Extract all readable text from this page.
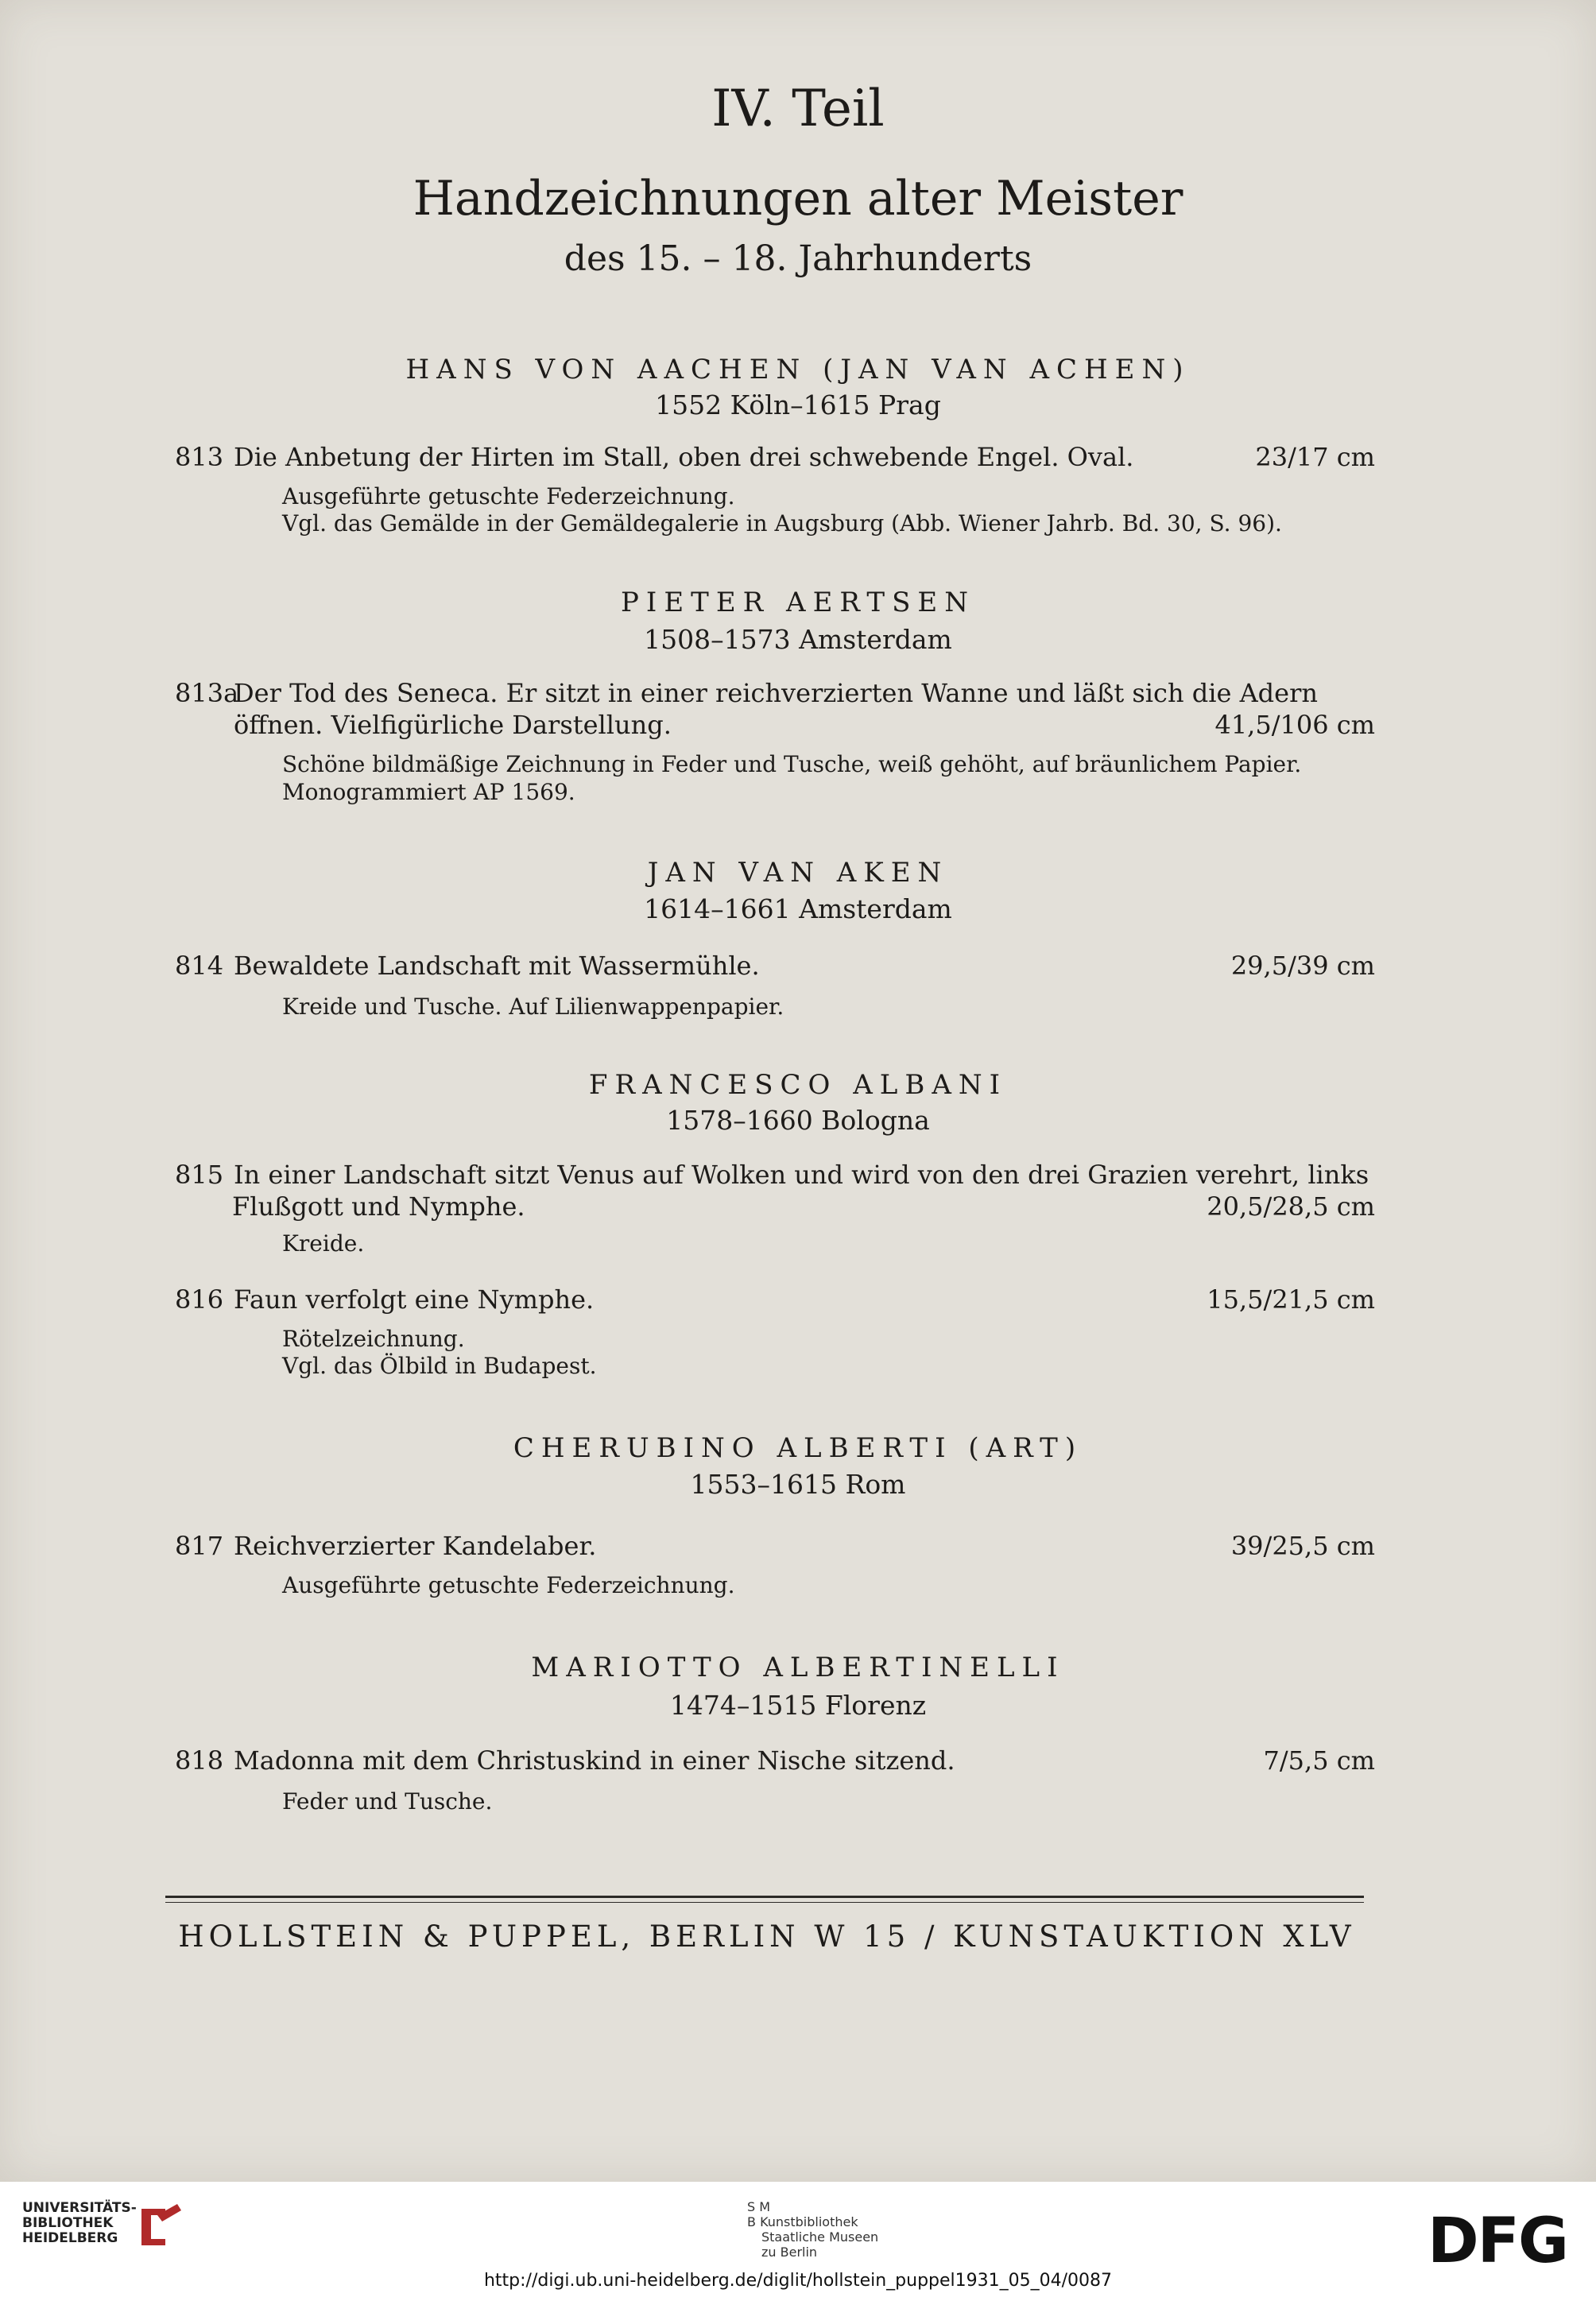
IV. Teil
Handzeichnungen alter Meister
des 15. – 18. Jahrhunderts
HANS VON AACHEN (JAN VAN ACHEN)
1552 Köln–1615 Prag
813 Die Anbetung der Hirten im Stall, oben drei schwebende Engel. Oval.	23/17 cm
Ausgeführte getuschte Federzeichnung.
Vgl. das Gemälde in der Gemäldegalerie in Augsburg (Abb. Wiener Jahrb. Bd. 30, S. 96).
PIETER AERTSEN
1508–1573 Amsterdam
813aDer Tod des Seneca. Er sitzt in einer reichverzierten Wanne und läßt sich die Adern
öffnen. Vielfigürliche Darstellung.	41,5/106 cm
Schöne bildmäßige Zeichnung in Feder und Tusche, weiß gehöht, auf bräunlichem Papier.
Monogrammiert AP 1569.
JAN VAN AKEN
1614–1661 Amsterdam
814 Bewaldete Landschaft mit Wassermühle.	29,5/39 cm
Kreide und Tusche. Auf Lilienwappenpapier.
FRANCESCO ALBANI
1578–1660 Bologna
815 In einer Landschaft sitzt Venus auf Wolken und wird von den drei Grazien verehrt, links
Flußgott und Nymphe.	20,5/28,5 cm
Kreide.
816 Faun verfolgt eine Nymphe.	15,5/21,5 cm
Rötelzeichnung.
Vgl. das Ölbild in Budapest.
CHERUBINO ALBERTI (ART)
1553–1615 Rom
817 Reichverzierter Kandelaber.	39/25,5 cm
Ausgeführte getuschte Federzeichnung.
MARIOTTO ALBERTINELLI
1474–1515 Florenz
818 Madonna mit dem Christuskind in einer Nische sitzend.	7/5,5 cm
Feder und Tusche.
HOLLSTEIN & PUPPEL, BERLIN W 15 / KUNSTAUKTION XLV
UNIVERSITÄTS-
BIBLIOTHEK
HEIDELBERG
S M
B Kunstbibliothek
Staatliche Museen
zu Berlin	DFG
http://digi.ub.uni-heidelberg.de/diglit/hollstein_puppel1931_05_04/0087
